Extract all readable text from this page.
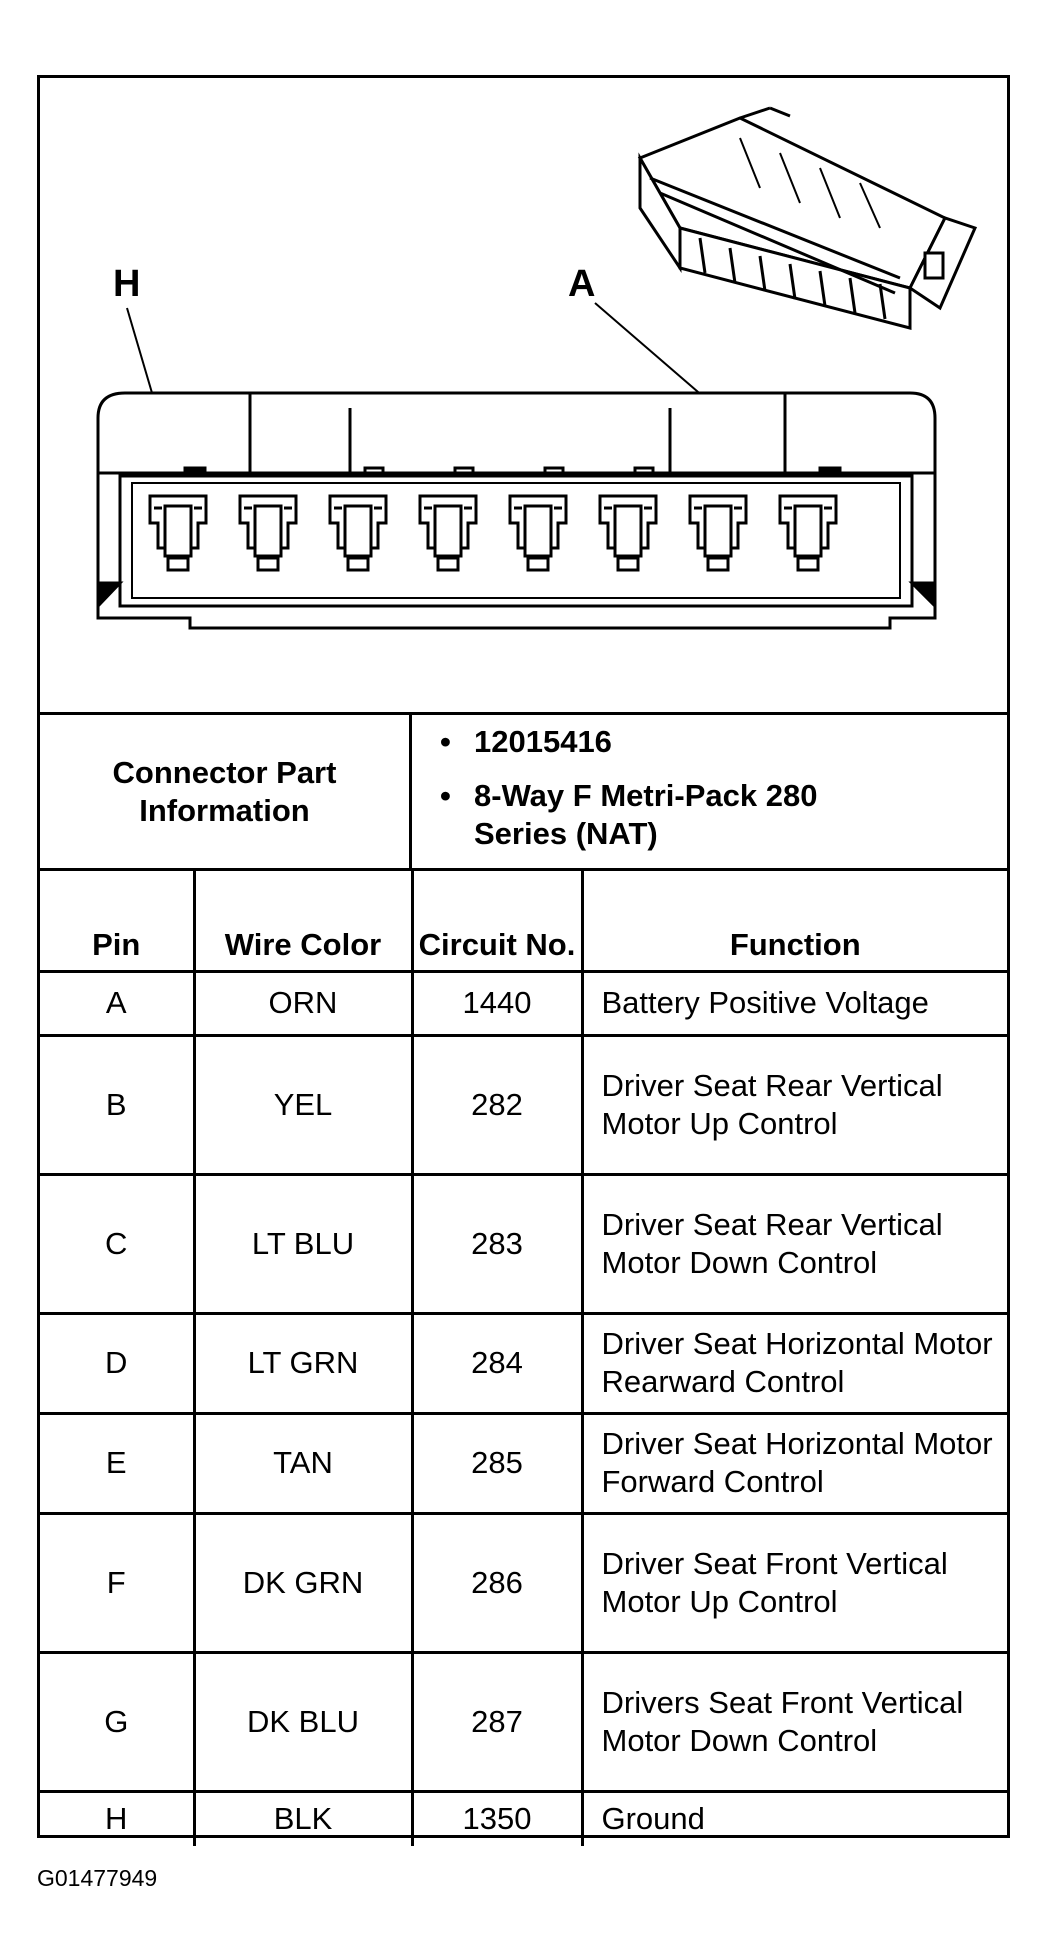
H	A
Connector Part Information
• 12015416
• 8-Way F Metri-Pack 280 Series (NAT)
Pin	Wire Color	Circuit No.	Function
A	ORN	1440	Battery Positive Voltage
B	YEL	282	Driver Seat Rear Vertical Motor Up Control
C	LT BLU	283	Driver Seat Rear Vertical Motor Down Control
D	LT GRN	284	Driver Seat Horizontal Motor Rearward Control
E	TAN	285	Driver Seat Horizontal Motor Forward Control
F	DK GRN	286	Driver Seat Front Vertical Motor Up Control
G	DK BLU	287	Drivers Seat Front Vertical Motor Down Control
H	BLK	1350	Ground
G01477949
